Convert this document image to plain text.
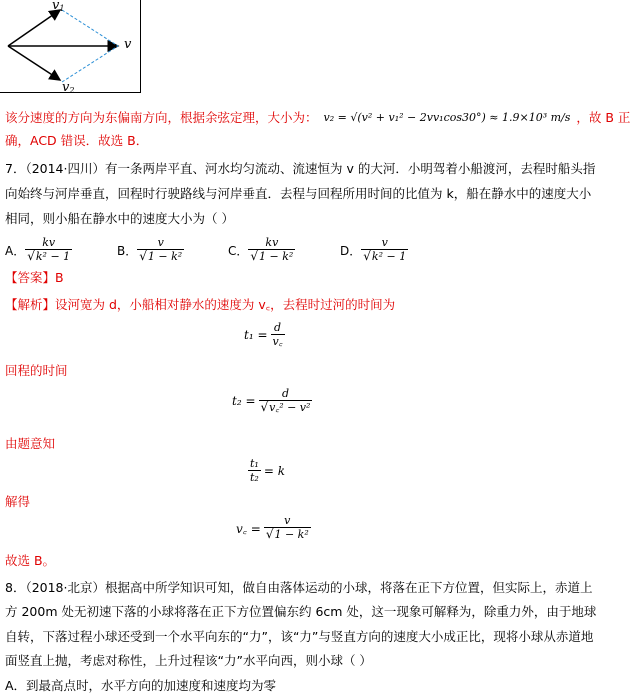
$v_1$
v
$v_2$
该分速度的方向为东偏南方向，根据余弦定理，大小为： v₂ = √(v² + v₁² − 2vv₁cos30°) ≈ 1.9×10³ m/s ，故 B 正
确，ACD 错误．故选 B．
7．（2014·四川）有一条两岸平直、河水均匀流动、流速恒为 v 的大河．小明驾着小船渡河，去程时船头指
向始终与河岸垂直，回程时行驶路线与河岸垂直．去程与回程所用时间的比值为 k，船在静水中的速度大小
相同，则小船在静水中的速度大小为（ ）
A． $\frac{kv}{\text{√k² − 1}}$	B． $\frac{v}{\text{√1 − k²}}$	C． $\frac{kv}{\text{√1 − k²}}$	D． $\frac{v}{\text{√k² − 1}}$
【答案】B
【解析】设河宽为 d，小船相对静水的速度为 v꜀，去程时过河的时间为
$t_1 = \frac{d}{v꜀}$
回程的时间
$t_2 = \frac{d}{\text{√v꜀² − v²}}$
由题意知
$\frac{\text{t₁}}{\text{t₂}} = k$
解得
v꜀ = $\frac{v}{\text{√1 − k²}}$
故选 B。
8．（2018·北京）根据高中所学知识可知，做自由落体运动的小球，将落在正下方位置，但实际上，赤道上
方 200m 处无初速下落的小球将落在正下方位置偏东约 6cm 处，这一现象可解释为，除重力外，由于地球
自转，下落过程小球还受到一个水平向东的“力”，该“力”与竖直方向的速度大小成正比，现将小球从赤道地
面竖直上抛，考虑对称性，上升过程该“力”水平向西，则小球（ ）
A．到最高点时，水平方向的加速度和速度均为零
